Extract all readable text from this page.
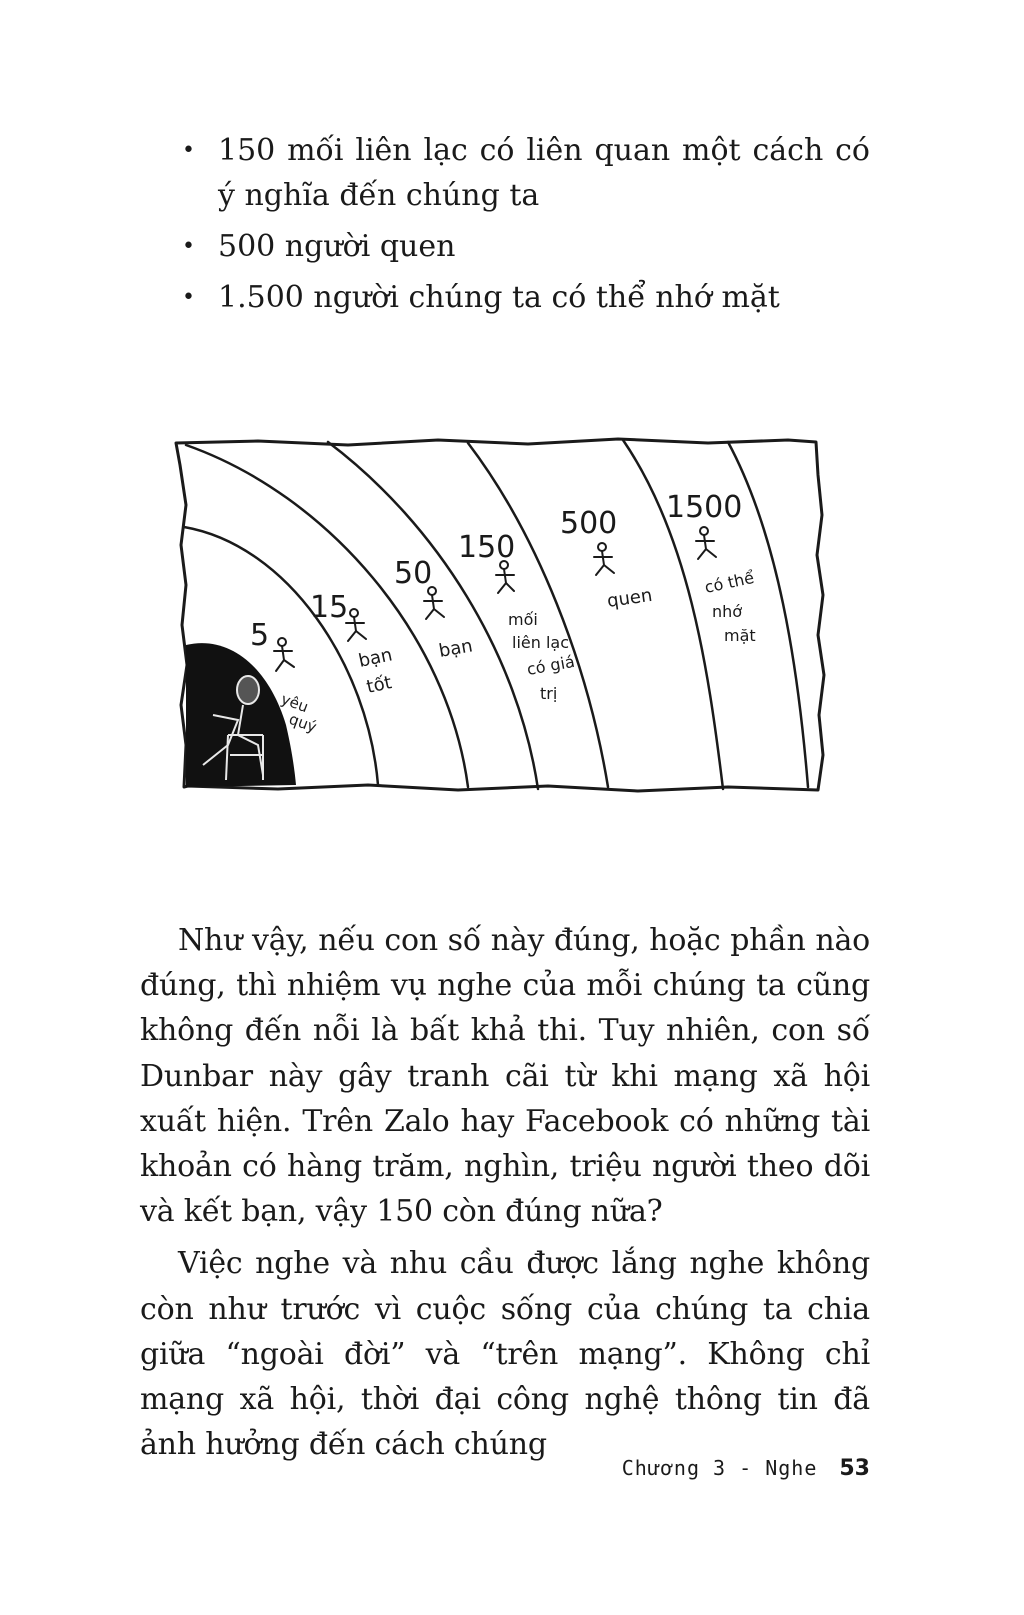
• 150 mối liên lạc có liên quan một cách có ý nghĩa đến chúng ta
• 500 người quen
• 1.500 người chúng ta có thể nhớ mặt
5
yêu
quý
15
bạn
tốt
50
bạn
150
mối
liên lạc
có giá
trị
500
quen
1500
có thể
nhớ
mặt

Như vậy, nếu con số này đúng, hoặc phần nào đúng, thì nhiệm vụ nghe của mỗi chúng ta cũng không đến nỗi là bất khả thi. Tuy nhiên, con số Dunbar này gây tranh cãi từ khi mạng xã hội xuất hiện. Trên Zalo hay Facebook có những tài khoản có hàng trăm, nghìn, triệu người theo dõi và kết bạn, vậy 150 còn đúng nữa?

Việc nghe và nhu cầu được lắng nghe không còn như trước vì cuộc sống của chúng ta chia giữa “ngoài đời” và “trên mạng”. Không chỉ mạng xã hội, thời đại công nghệ thông tin đã ảnh hưởng đến cách chúng

Chương 3 - Nghe 53
